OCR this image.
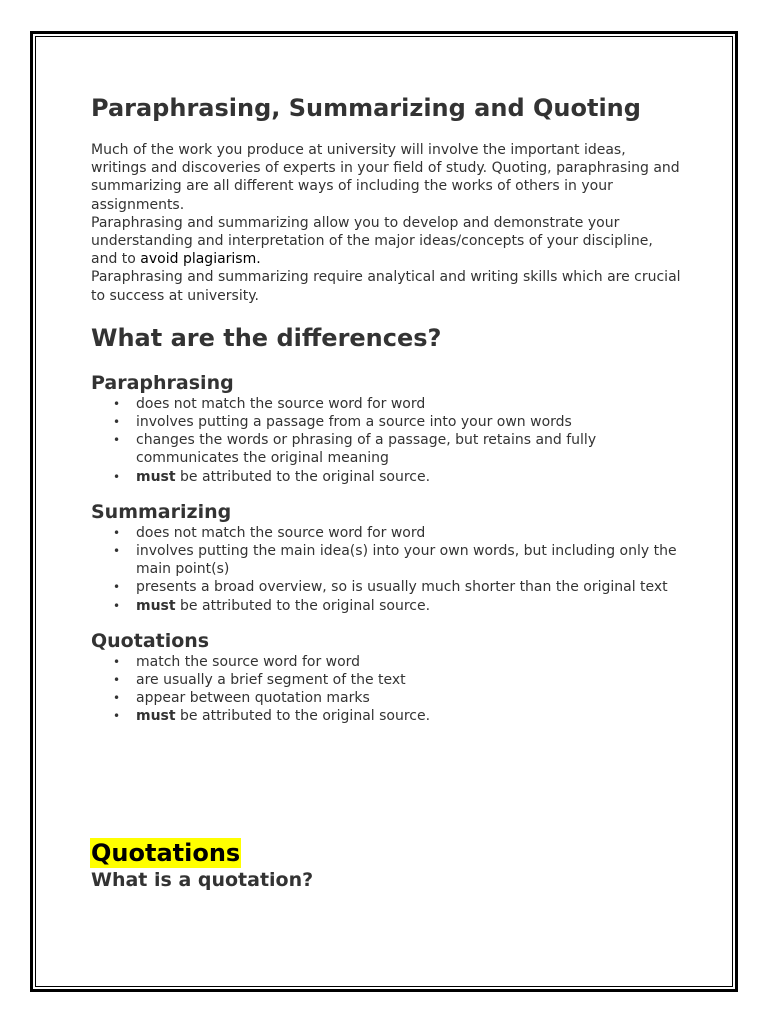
Paraphrasing, Summarizing and Quoting

Much of the work you produce at university will involve the important ideas, writings and discoveries of experts in your field of study. Quoting, paraphrasing and summarizing are all different ways of including the works of others in your assignments.

Paraphrasing and summarizing allow you to develop and demonstrate your understanding and interpretation of the major ideas/concepts of your discipline, and to avoid plagiarism.

Paraphrasing and summarizing require analytical and writing skills which are crucial to success at university.

What are the differences?
Paraphrasing
• does not match the source word for word
• involves putting a passage from a source into your own words
• changes the words or phrasing of a passage, but retains and fully communicates the original meaning
• must be attributed to the original source.
Summarizing
• does not match the source word for word
• involves putting the main idea(s) into your own words, but including only the main point(s)
• presents a broad overview, so is usually much shorter than the original text
• must be attributed to the original source.
Quotations
• match the source word for word
• are usually a brief segment of the text
• appear between quotation marks
• must be attributed to the original source.
Quotations
What is a quotation?
